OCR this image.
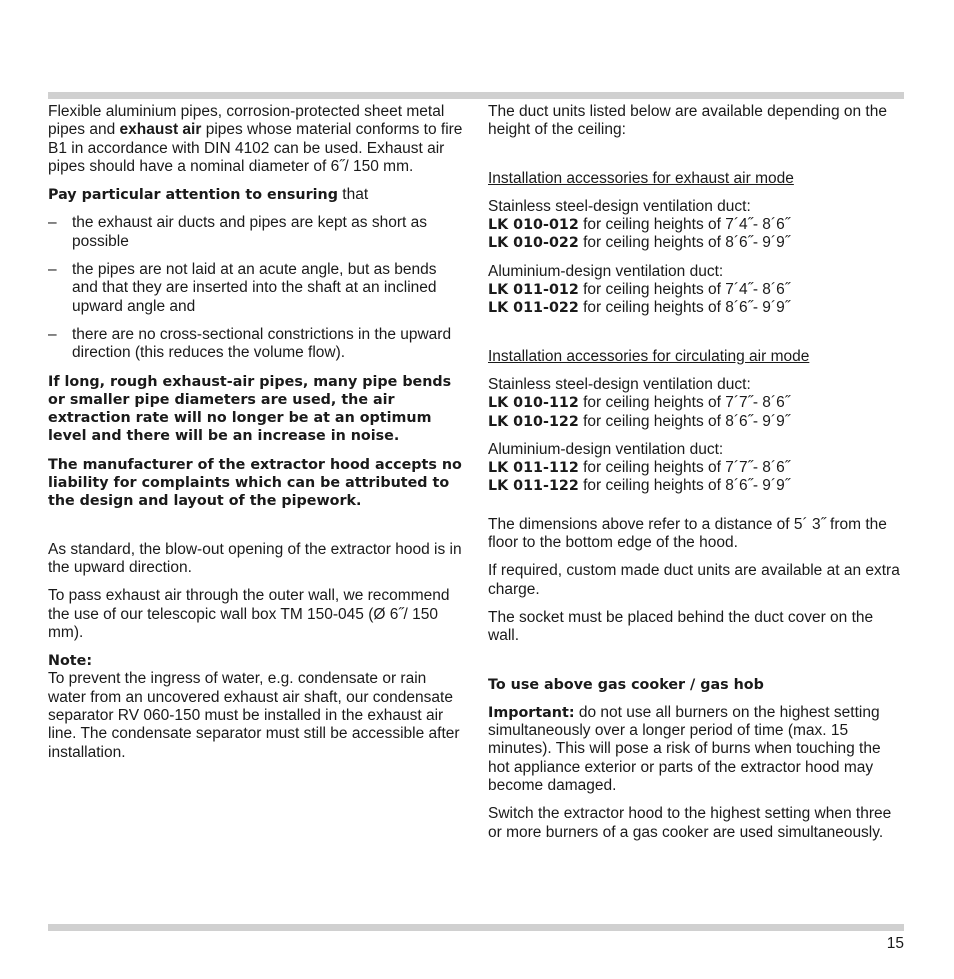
Flexible aluminium pipes, corrosion-protected sheet metal pipes and exhaust air pipes whose material conforms to fire B1 in accordance with DIN 4102 can be used. Exhaust air pipes should have a nominal diameter of 6˝/ 150 mm.

Pay particular attention to ensuring that

– the exhaust air ducts and pipes are kept as short as possible
– the pipes are not laid at an acute angle, but as bends and that they are inserted into the shaft at an inclined upward angle and
– there are no cross-sectional constrictions in the upward direction (this reduces the volume flow).

If long, rough exhaust-air pipes, many pipe bends or smaller pipe diameters are used, the air extraction rate will no longer be at an optimum level and there will be an increase in noise.

The manufacturer of the extractor hood accepts no liability for complaints which can be attributed to the design and layout of the pipework.

As standard, the blow-out opening of the extractor hood is in the upward direction.

To pass exhaust air through the outer wall, we recommend the use of our telescopic wall box TM 150-045 (Ø 6˝/ 150 mm).

Note:
To prevent the ingress of water, e.g. condensate or rain water from an uncovered exhaust air shaft, our condensate separator RV 060-150 must be installed in the exhaust air line. The condensate separator must still be accessible after installation.

The duct units listed below are available depending on the height of the ceiling:

Installation accessories for exhaust air mode

Stainless steel-design ventilation duct:
LK 010-012 for ceiling heights of 7´4˝- 8´6˝
LK 010-022 for ceiling heights of 8´6˝- 9´9˝

Aluminium-design ventilation duct:
LK 011-012 for ceiling heights of 7´4˝- 8´6˝
LK 011-022 for ceiling heights of 8´6˝- 9´9˝

Installation accessories for circulating air mode

Stainless steel-design ventilation duct:
LK 010-112 for ceiling heights of 7´7˝- 8´6˝
LK 010-122 for ceiling heights of 8´6˝- 9´9˝

Aluminium-design ventilation duct:
LK 011-112 for ceiling heights of 7´7˝- 8´6˝
LK 011-122 for ceiling heights of 8´6˝- 9´9˝

The dimensions above refer to a distance of 5´ 3˝ from the floor to the bottom edge of the hood.

If required, custom made duct units are available at an extra charge.

The socket must be placed behind the duct cover on the wall.

To use above gas cooker / gas hob

Important: do not use all burners on the highest setting simultaneously over a longer period of time (max. 15 minutes). This will pose a risk of burns when touching the hot appliance exterior or parts of the extractor hood may become damaged.

Switch the extractor hood to the highest setting when three or more burners of a gas cooker are used simultaneously.

15
